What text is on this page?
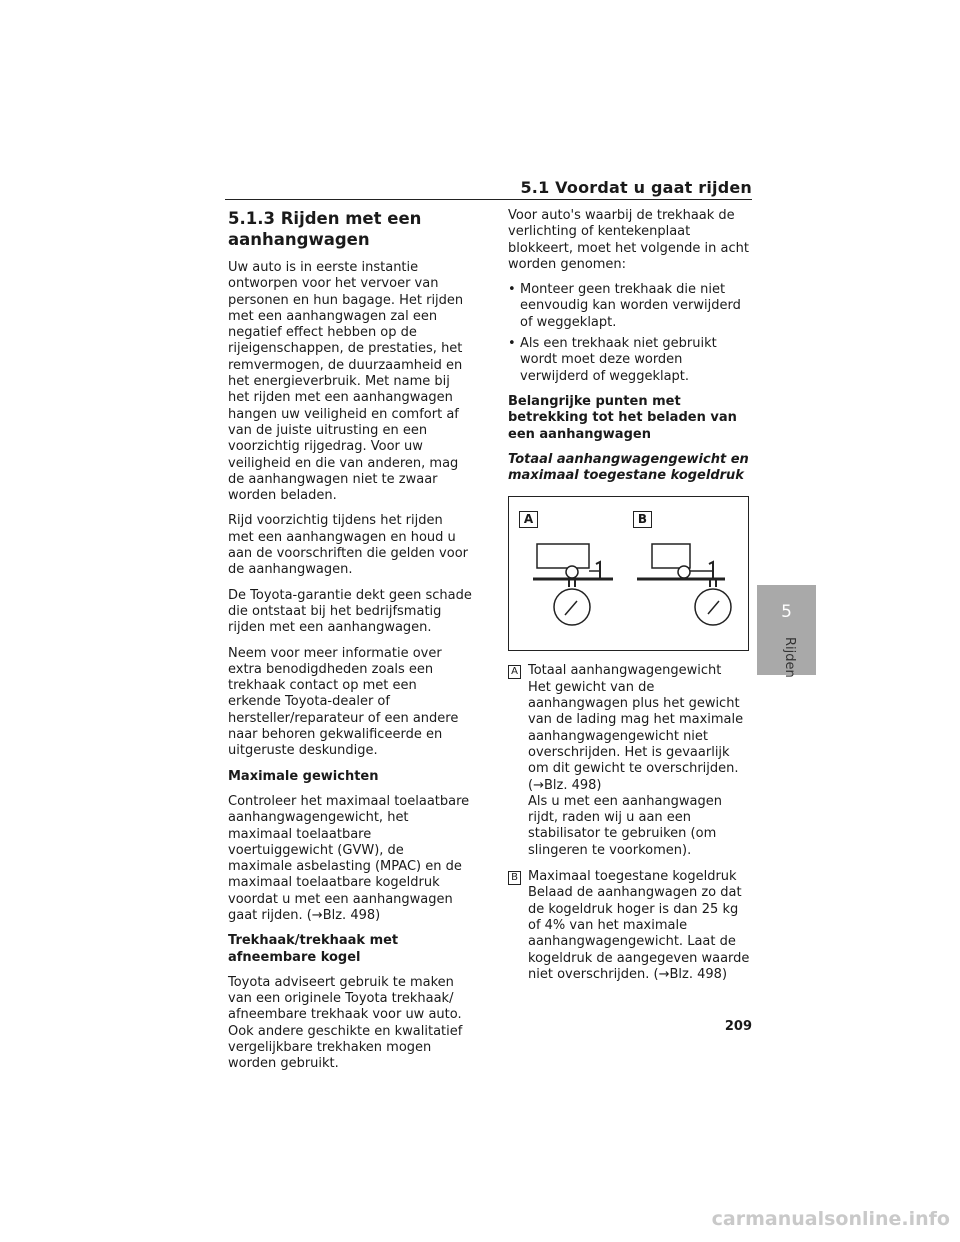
5.1 Voordat u gaat rijden
5.1.3 Rijden met een aanhangwagen

Uw auto is in eerste instantie ontworpen voor het vervoer van personen en hun bagage. Het rijden met een aanhangwagen zal een negatief effect hebben op de rijeigenschappen, de prestaties, het remvermogen, de duurzaamheid en het energieverbruik. Met name bij het rijden met een aanhangwagen hangen uw veiligheid en comfort af van de juiste uitrusting en een voorzichtig rijgedrag. Voor uw veiligheid en die van anderen, mag de aanhangwagen niet te zwaar worden beladen.

Rijd voorzichtig tijdens het rijden met een aanhangwagen en houd u aan de voorschriften die gelden voor de aanhangwagen.

De Toyota-garantie dekt geen schade die ontstaat bij het bedrijfsmatig rijden met een aanhangwagen.

Neem voor meer informatie over extra benodigdheden zoals een trekhaak contact op met een erkende Toyota-dealer of hersteller/reparateur of een andere naar behoren gekwalificeerde en uitgeruste deskundige.

Maximale gewichten

Controleer het maximaal toelaatbare aanhangwagengewicht, het maximaal toelaatbare voertuiggewicht (GVW), de maximale asbelasting (MPAC) en de maximaal toelaatbare kogeldruk voordat u met een aanhangwagen gaat rijden. (→Blz. 498)

Trekhaak/trekhaak met afneembare kogel

Toyota adviseert gebruik te maken van een originele Toyota trekhaak/ afneembare trekhaak voor uw auto. Ook andere geschikte en kwalitatief vergelijkbare trekhaken mogen worden gebruikt.

Voor auto's waarbij de trekhaak de verlichting of kentekenplaat blokkeert, moet het volgende in acht worden genomen:

• Monteer geen trekhaak die niet eenvoudig kan worden verwijderd of weggeklapt.
• Als een trekhaak niet gebruikt wordt moet deze worden verwijderd of weggeklapt.
Belangrijke punten met betrekking tot het beladen van een aanhangwagen
Totaal aanhangwagengewicht en maximaal toegestane kogeldruk
A	B
A Totaal aanhangwagengewicht
Het gewicht van de aanhangwagen plus het gewicht van de lading mag het maximale aanhangwagengewicht niet overschrijden. Het is gevaarlijk om dit gewicht te overschrijden. (→Blz. 498)
Als u met een aanhangwagen rijdt, raden wij u aan een stabilisator te gebruiken (om slingeren te voorkomen).
B Maximaal toegestane kogeldruk
Belaad de aanhangwagen zo dat de kogeldruk hoger is dan 25 kg of 4% van het maximale aanhangwagengewicht. Laat de kogeldruk de aangegeven waarde niet overschrijden. (→Blz. 498)
5
Rijden
209
carmanualsonline.info
